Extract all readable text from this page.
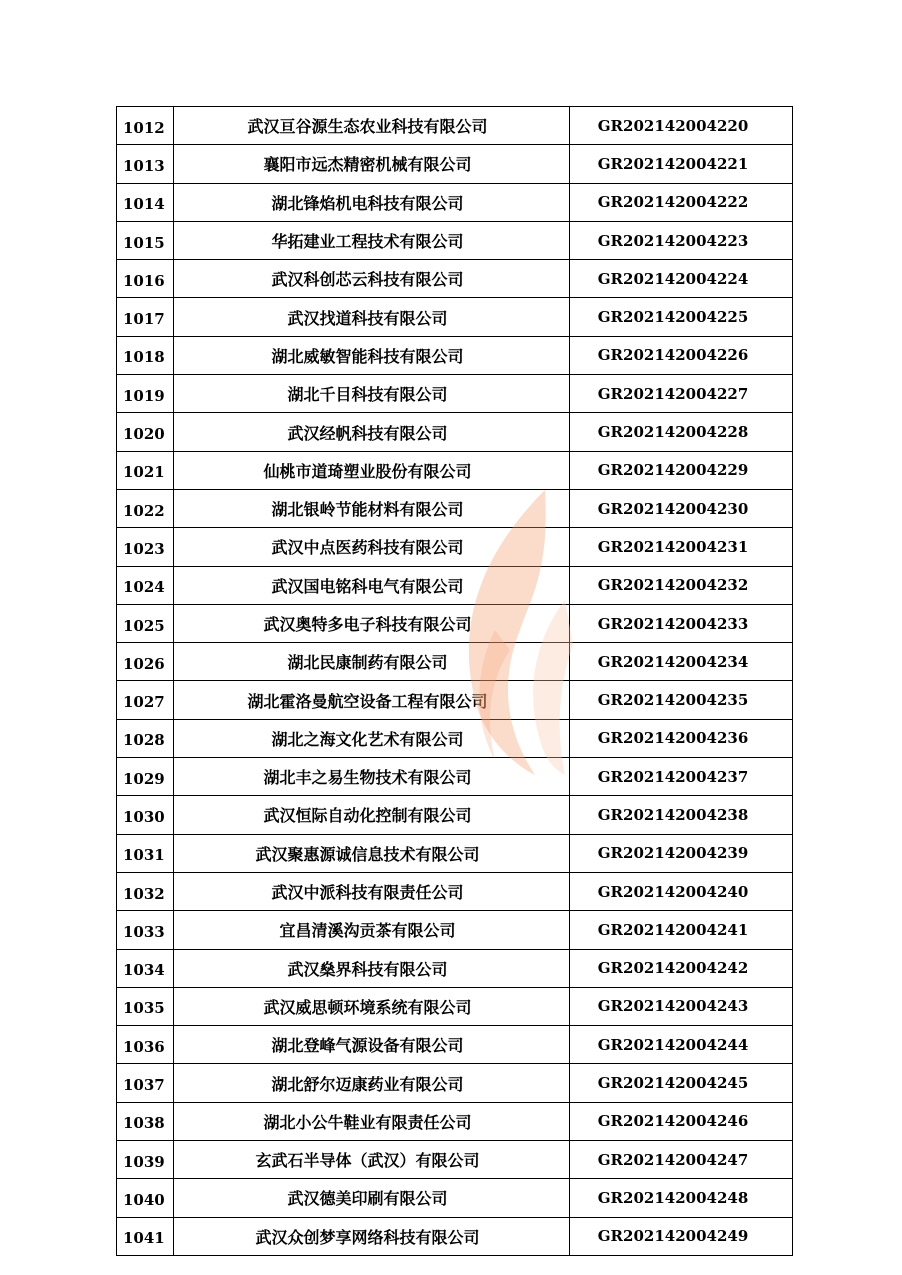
1012	武汉亘谷源生态农业科技有限公司	GR202142004220
1013	襄阳市远杰精密机械有限公司	GR202142004221
1014	湖北锋焰机电科技有限公司	GR202142004222
1015	华拓建业工程技术有限公司	GR202142004223
1016	武汉科创芯云科技有限公司	GR202142004224
1017	武汉找道科技有限公司	GR202142004225
1018	湖北威敏智能科技有限公司	GR202142004226
1019	湖北千目科技有限公司	GR202142004227
1020	武汉经帆科技有限公司	GR202142004228
1021	仙桃市道琦塑业股份有限公司	GR202142004229
1022	湖北银岭节能材料有限公司	GR202142004230
1023	武汉中点医药科技有限公司	GR202142004231
1024	武汉国电铭科电气有限公司	GR202142004232
1025	武汉奥特多电子科技有限公司	GR202142004233
1026	湖北民康制药有限公司	GR202142004234
1027	湖北霍洛曼航空设备工程有限公司	GR202142004235
1028	湖北之海文化艺术有限公司	GR202142004236
1029	湖北丰之易生物技术有限公司	GR202142004237
1030	武汉恒际自动化控制有限公司	GR202142004238
1031	武汉聚惠源诚信息技术有限公司	GR202142004239
1032	武汉中派科技有限责任公司	GR202142004240
1033	宜昌清溪沟贡茶有限公司	GR202142004241
1034	武汉燊界科技有限公司	GR202142004242
1035	武汉威思顿环境系统有限公司	GR202142004243
1036	湖北登峰气源设备有限公司	GR202142004244
1037	湖北舒尔迈康药业有限公司	GR202142004245
1038	湖北小公牛鞋业有限责任公司	GR202142004246
1039	玄武石半导体（武汉）有限公司	GR202142004247
1040	武汉德美印刷有限公司	GR202142004248
1041	武汉众创梦享网络科技有限公司	GR202142004249
